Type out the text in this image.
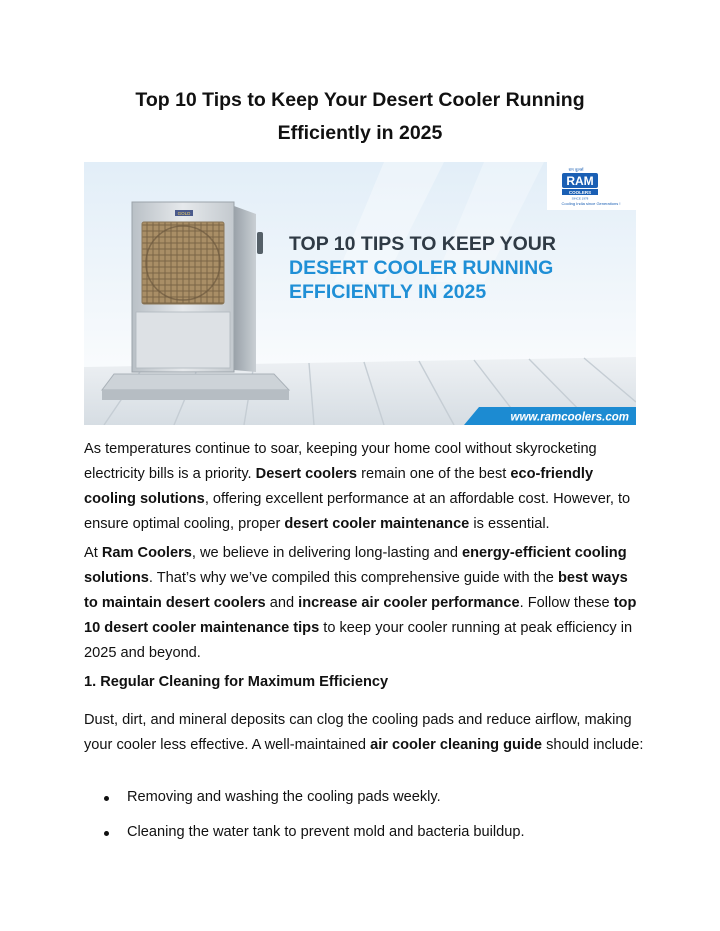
Top 10 Tips to Keep Your Desert Cooler Running
Efficiently in 2025
GOLD
TOP 10 TIPS TO KEEP YOUR
DESERT COOLER RUNNING
EFFICIENTLY IN 2025
राम कूलर्स
RAM
COOLERS
SINCE 1978
Cooling India since Generations !
www.ramcoolers.com

As temperatures continue to soar, keeping your home cool without skyrocketing electricity bills is a priority. Desert coolers remain one of the best eco-friendly cooling solutions, offering excellent performance at an affordable cost. However, to ensure optimal cooling, proper desert cooler maintenance is essential.

At Ram Coolers, we believe in delivering long-lasting and energy-efficient cooling solutions. That’s why we’ve compiled this comprehensive guide with the best ways to maintain desert coolers and increase air cooler performance. Follow these top 10 desert cooler maintenance tips to keep your cooler running at peak efficiency in 2025 and beyond.

1. Regular Cleaning for Maximum Efficiency

Dust, dirt, and mineral deposits can clog the cooling pads and reduce airflow, making your cooler less effective. A well-maintained air cooler cleaning guide should include:

Removing and washing the cooling pads weekly.
Cleaning the water tank to prevent mold and bacteria buildup.
